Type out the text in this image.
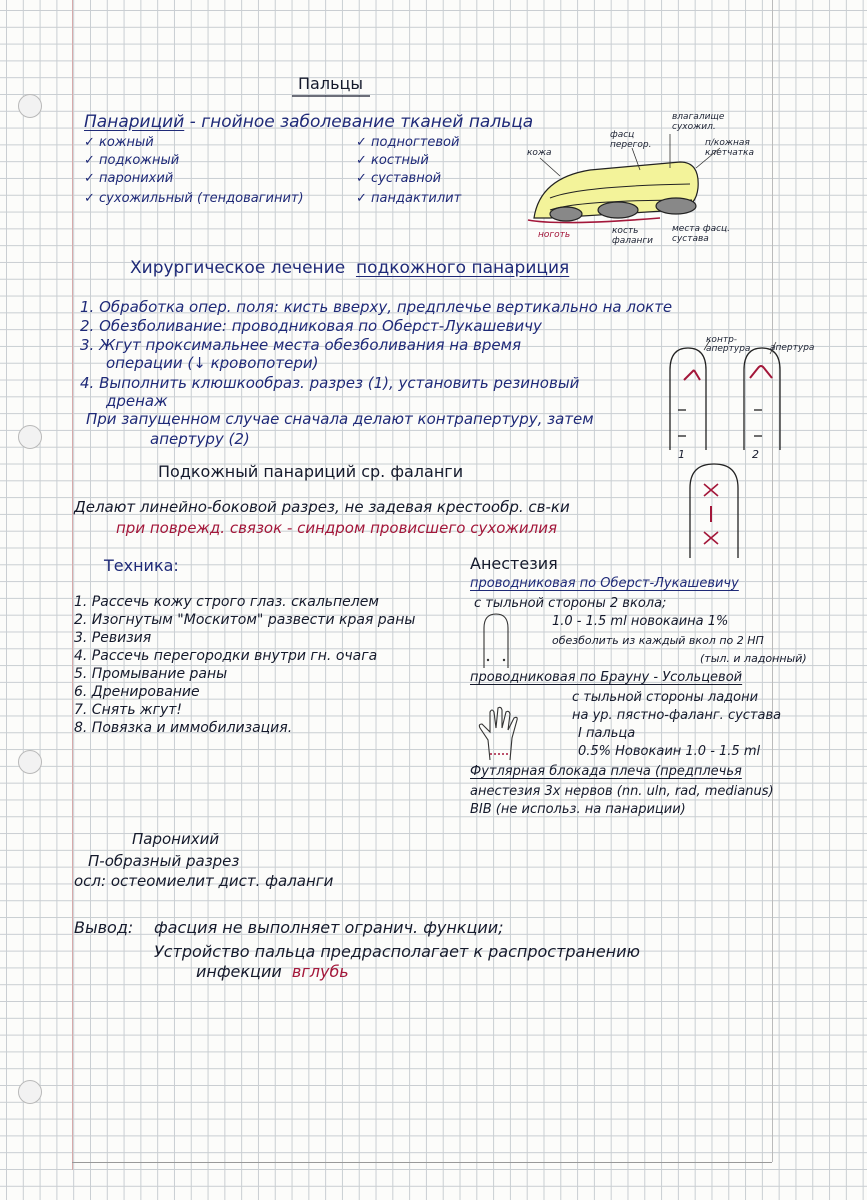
Пальцы
Панариций - гнойное заболевание тканей пальца
✓ кожный
✓ подкожный
✓ паронихий
✓ сухожильный (тендовагинит)
✓ подногтевой
✓ костный
✓ суставной
✓ пандактилит
кожа
фасц перегор.
влагалище сухожил.
п/кожная клетчатка
ноготь	кость фаланги
места фасц. сустава
Хирургическое лечение подкожного панариция
1. Обработка опер. поля: кисть вверху, предплечье вертикально на локте
2. Обезболивание: проводниковая по Оберст-Лукашевичу
3. Жгут проксимальнее места обезболивания на время
операции (↓ кровопотери)
4. Выполнить клюшкообраз. разрез (1), установить резиновый
дренаж
При запущенном случае сначала делают контрапертуру, затем
апертуру (2)
контр-апертура апертура
1	2
Подкожный панариций ср. фаланги
Делают линейно-боковой разрез, не задевая крестообр. св-ки
при поврежд. связок - синдром провисшего сухожилия
Техника:
1. Рассечь кожу строго глаз. скальпелем
2. Изогнутым "Москитом" развести края раны
3. Ревизия
4. Рассечь перегородки внутри гн. очага
5. Промывание раны
6. Дренирование
7. Снять жгут!
8. Повязка и иммобилизация.
Анестезия
проводниковая по Оберст-Лукашевичу
с тыльной стороны 2 вкола;
1.0 - 1.5 ml новокаина 1%
обезболить из каждый вкол по 2 НП
(тыл. и ладонный)
проводниковая по Брауну - Усольцевой
с тыльной стороны ладони
на ур. пястно-фаланг. сустава
I пальца
0.5% Новокаин 1.0 - 1.5 ml
Футлярная блокада плеча (предплечья
анестезия 3х нервов (nn. uln, rad, medianus)
BIB (не использ. на панариции)
Паронихий
П-образный разрез
осл: остеомиелит дист. фаланги
Вывод: фасция не выполняет огранич. функции;
Устройство пальца предрасполагает к распространению
инфекции вглубь
